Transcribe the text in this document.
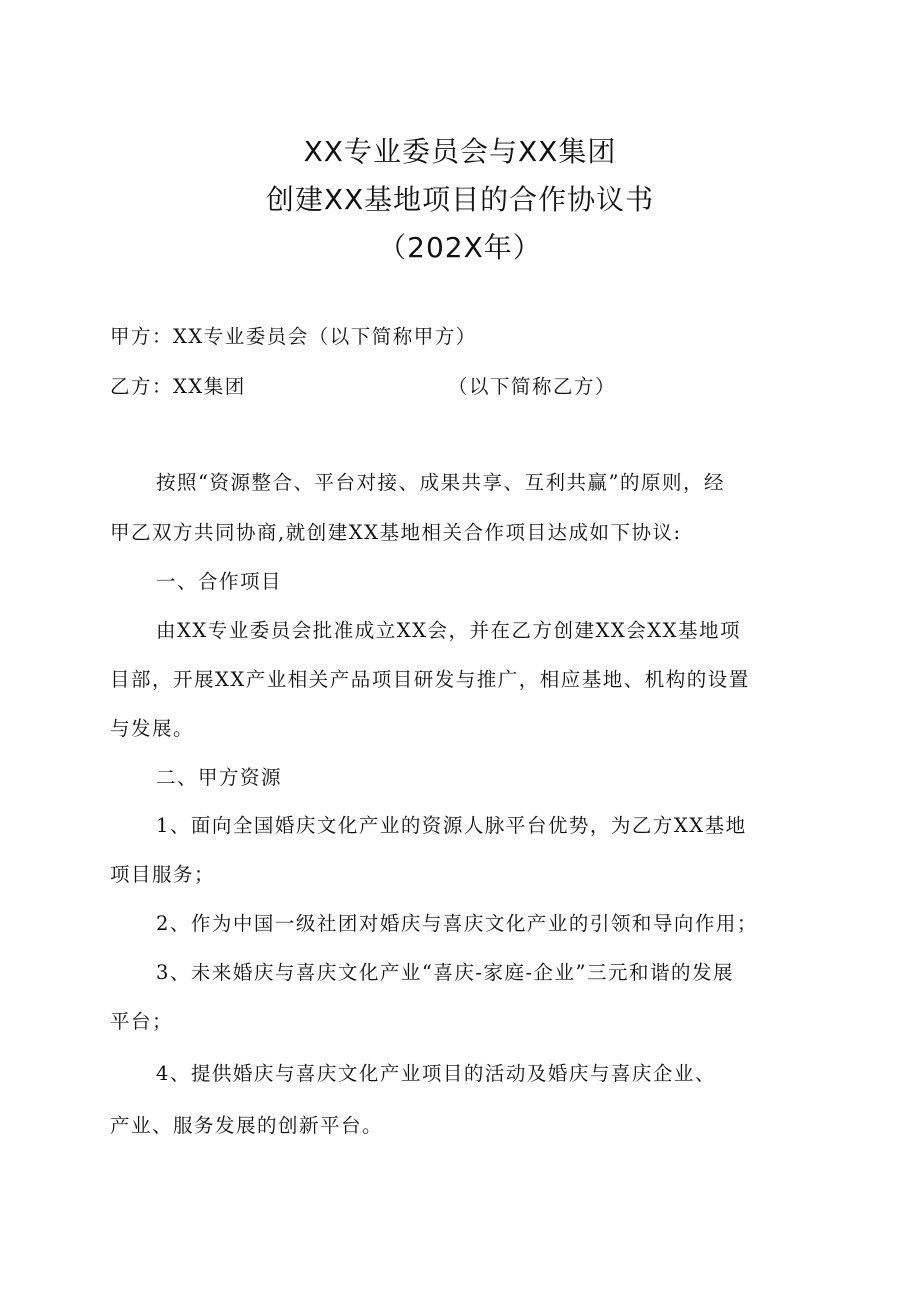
XX专业委员会与XX集团
创建XX基地项目的合作协议书
（202X年）
甲方：XX专业委员会（以下简称甲方）
乙方：XX集团	（以下简称乙方）
按照“资源整合、平台对接、成果共享、互利共赢”的原则，经
甲乙双方共同协商,就创建XX基地相关合作项目达成如下协议:
一、合作项目
由XX专业委员会批准成立XX会，并在乙方创建XX会XX基地项
目部，开展XX产业相关产品项目研发与推广，相应基地、机构的设置
与发展。
二、甲方资源
1、面向全国婚庆文化产业的资源人脉平台优势，为乙方XX基地
项目服务；
2、作为中国一级社团对婚庆与喜庆文化产业的引领和导向作用；
3、未来婚庆与喜庆文化产业“喜庆-家庭-企业”三元和谐的发展
平台；
4、提供婚庆与喜庆文化产业项目的活动及婚庆与喜庆企业、
产业、服务发展的创新平台。
